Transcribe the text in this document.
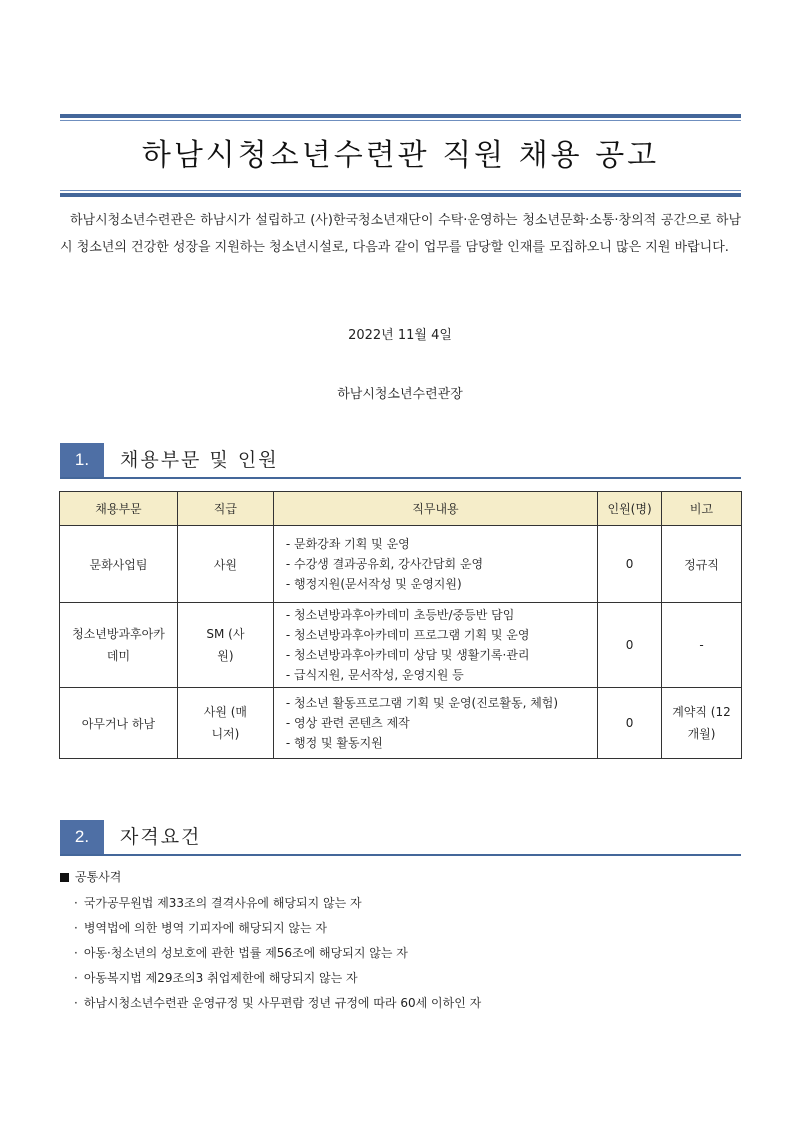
하남시청소년수련관 직원 채용 공고
하남시청소년수련관은 하남시가 설립하고 (사)한국청소년재단이 수탁·운영하는 청소년문화·소통·창의적 공간으로 하남시 청소년의 건강한 성장을 지원하는 청소년시설로, 다음과 같이 업무를 담당할 인재를 모집하오니 많은 지원 바랍니다.
2022년 11월 4일
하남시청소년수련관장
1.	채용부문 및 인원
채용부문	직급	직무내용	인원(명)	비고
문화사업팀	사원	- 문화강좌 기획 및 운영
- 수강생 결과공유회, 강사간담회 운영
- 행정지원(문서작성 및 운영지원)	0	정규직

청소년방과후아카데미	SM (사원)	- 청소년방과후아카데미 초등반/중등반 담임
- 청소년방과후아카데미 프로그램 기획 및 운영
- 청소년방과후아카데미 상담 및 생활기록·관리
- 급식지원, 문서작성, 운영지원 등	0	-
아무거나 하남	사원 (매니저)	- 청소년 활동프로그램 기획 및 운영(진로활동, 체험)
- 영상 관련 콘텐츠 제작
- 행정 및 활동지원	0	계약직 (12개월)
2.	자격요건
공통사격
· 국가공무원법 제33조의 결격사유에 해당되지 않는 자
· 병역법에 의한 병역 기피자에 해당되지 않는 자
· 아동·청소년의 성보호에 관한 법률 제56조에 해당되지 않는 자
· 아동복지법 제29조의3 취업제한에 해당되지 않는 자
· 하남시청소년수련관 운영규정 및 사무편람 정년 규정에 따라 60세 이하인 자
